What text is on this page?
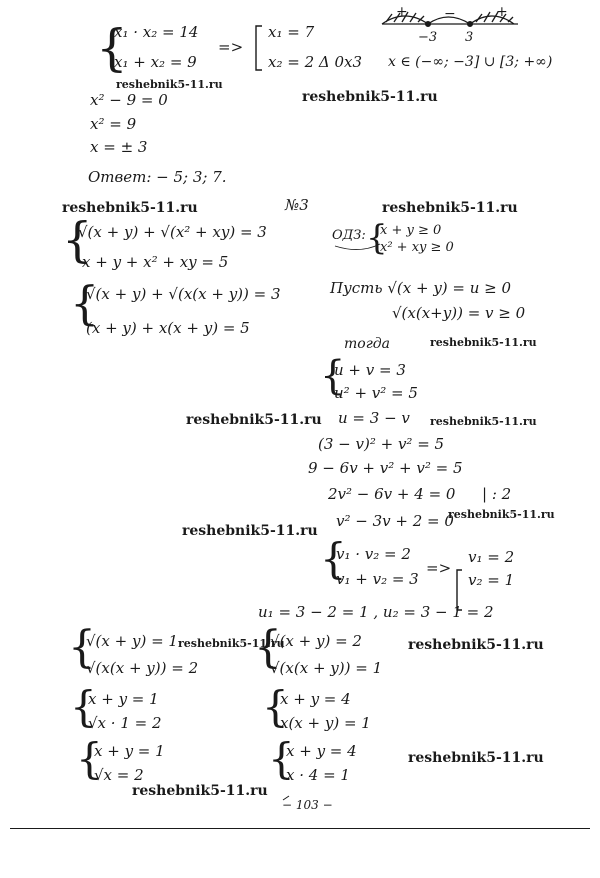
{
x₁ · x₂ = 14
x₁ + x₂ = 9
=>
x₁ = 7
x₂ = 2 Δ 0x3
+	−	+
−3 3
x ∈ (−∞; −3] ∪ [3; +∞)
reshebnik5-11.ru
reshebnik5-11.ru
x² − 9 = 0
x² = 9
x = ± 3
Ответ: − 5; 3; 7.
reshebnik5-11.ru	№3	reshebnik5-11.ru
{
√(x + y) + √(x² + xy) = 3
x + y + x² + xy = 5
ОДЗ: {
x + y ≥ 0
x² + xy ≥ 0
{
√(x + y) + √(x(x + y)) = 3
(x + y) + x(x + y) = 5
Пусть √(x + y) = u ≥ 0
√(x(x+y)) = v ≥ 0
тогда	reshebnik5-11.ru
{
u + v = 3
u² + v² = 5
reshebnik5-11.ru u = 3 − v reshebnik5-11.ru
(3 − v)² + v² = 5
9 − 6v + v² + v² = 5
2v² − 6v + 4 = 0 | : 2
reshebnik5-11.ru
v² − 3v + 2 = 0
reshebnik5-11.ru
{
v₁ · v₂ = 2
v₁ + v₂ = 3
=>
v₁ = 2
v₂ = 1
u₁ = 3 − 2 = 1 , u₂ = 3 − 1 = 2
{
√(x + y) = 1 reshebnik5-11.ru
√(x(x + y)) = 2
{
x + y = 1
√x · 1 = 2
{
x + y = 1
√x = 2
{
√(x + y) = 2
√(x(x + y)) = 1
reshebnik5-11.ru
{
x + y = 4
x(x + y) = 1
{
x + y = 4
x · 4 = 1
reshebnik5-11.ru
reshebnik5-11.ru
− 103 −
